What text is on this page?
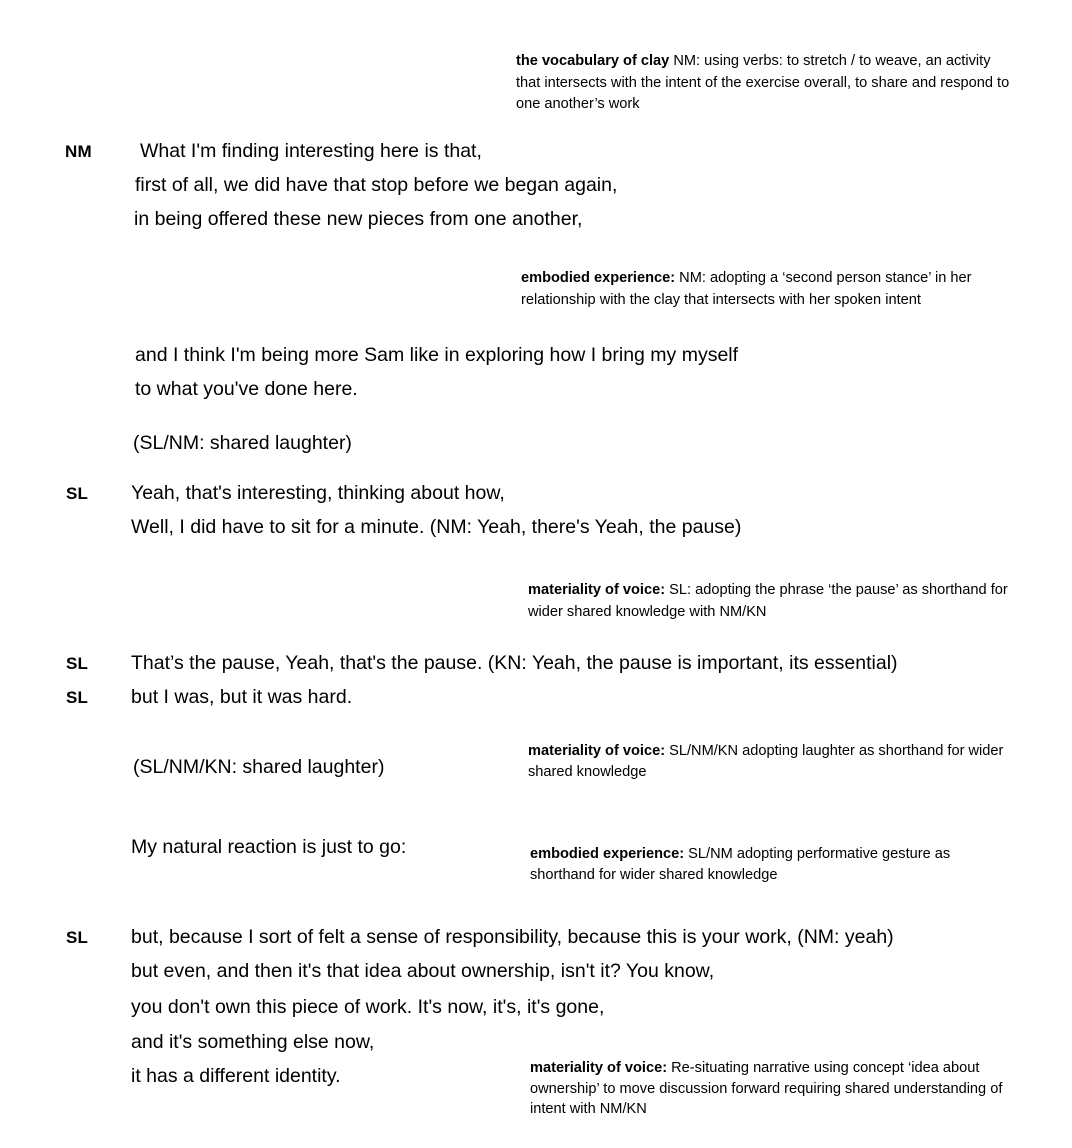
the vocabulary of clay NM: using verbs: to stretch / to weave, an activity that intersects with the intent of the exercise overall, to share and respond to one another’s work
NM What I'm finding interesting here is that,
first of all, we did have that stop before we began again,
in being offered these new pieces from one another,
embodied experience: NM: adopting a ‘second person stance’ in her relationship with the clay that intersects with her spoken intent
and I think I'm being more Sam like in exploring how I bring my myself
to what you've done here.
(SL/NM: shared laughter)
SL Yeah, that's interesting, thinking about how,
Well, I did have to sit for a minute. (NM: Yeah, there's Yeah, the pause)
materiality of voice: SL: adopting the phrase ‘the pause’ as shorthand for wider shared knowledge with NM/KN
SL That’s the pause, Yeah, that's the pause. (KN: Yeah, the pause is important, its essential)
SL but I was, but it was hard.
(SL/NM/KN: shared laughter)
materiality of voice: SL/NM/KN adopting laughter as shorthand for wider shared knowledge
My natural reaction is just to go:	embodied experience: SL/NM adopting performative gesture as shorthand for wider shared knowledge
SL but, because I sort of felt a sense of responsibility, because this is your work, (NM: yeah)
but even, and then it's that idea about ownership, isn't it? You know,
you don't own this piece of work. It's now, it's, it's gone,
and it's something else now,
it has a different identity.	materiality of voice: Re-situating narrative using concept ‘idea about ownership’ to move discussion forward requiring shared understanding of intent with NM/KN
